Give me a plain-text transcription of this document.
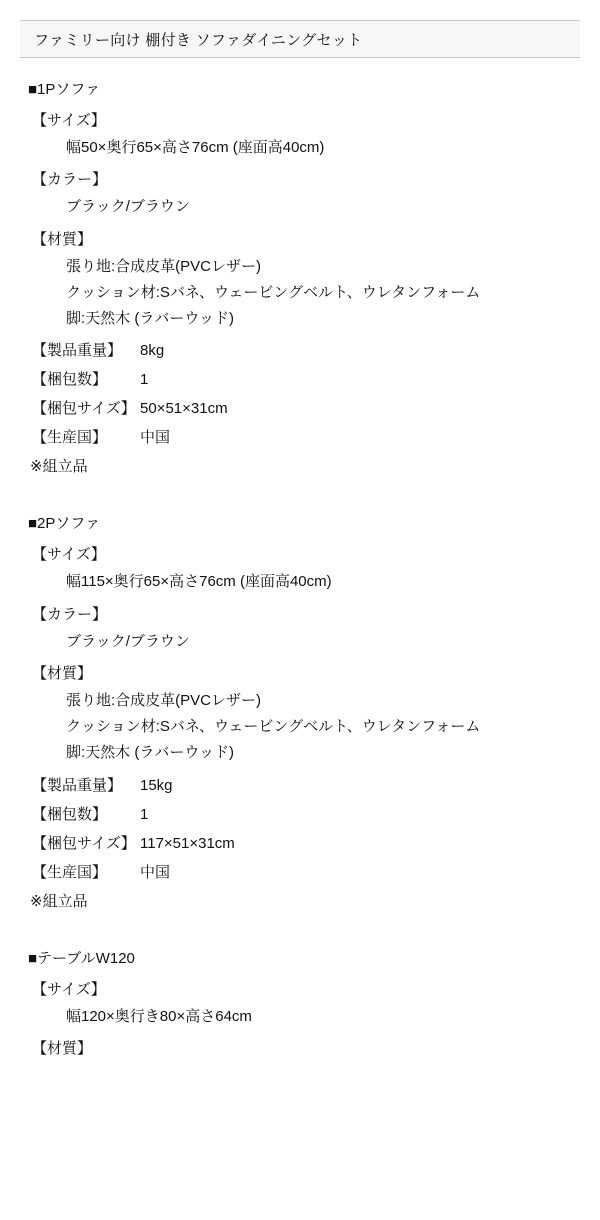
ファミリー向け 棚付き ソファダイニングセット
■1Pソファ
【サイズ】
幅50×奥行65×高さ76cm (座面高40cm)
【カラー】
ブラック/ブラウン
【材質】
張り地:合成皮革(PVCレザー)
クッション材:Sバネ、ウェービングベルト、ウレタンフォーム
脚:天然木 (ラバーウッド)
【製品重量】	8kg
【梱包数】	1
【梱包サイズ】 50×51×31cm
【生産国】	中国
※組立品
■2Pソファ
【サイズ】
幅115×奥行65×高さ76cm (座面高40cm)
【カラー】
ブラック/ブラウン
【材質】
張り地:合成皮革(PVCレザー)
クッション材:Sバネ、ウェービングベルト、ウレタンフォーム
脚:天然木 (ラバーウッド)
【製品重量】	15kg
【梱包数】	1
【梱包サイズ】 117×51×31cm
【生産国】	中国
※組立品
■テーブルW120
【サイズ】
幅120×奥行き80×高さ64cm
【材質】
